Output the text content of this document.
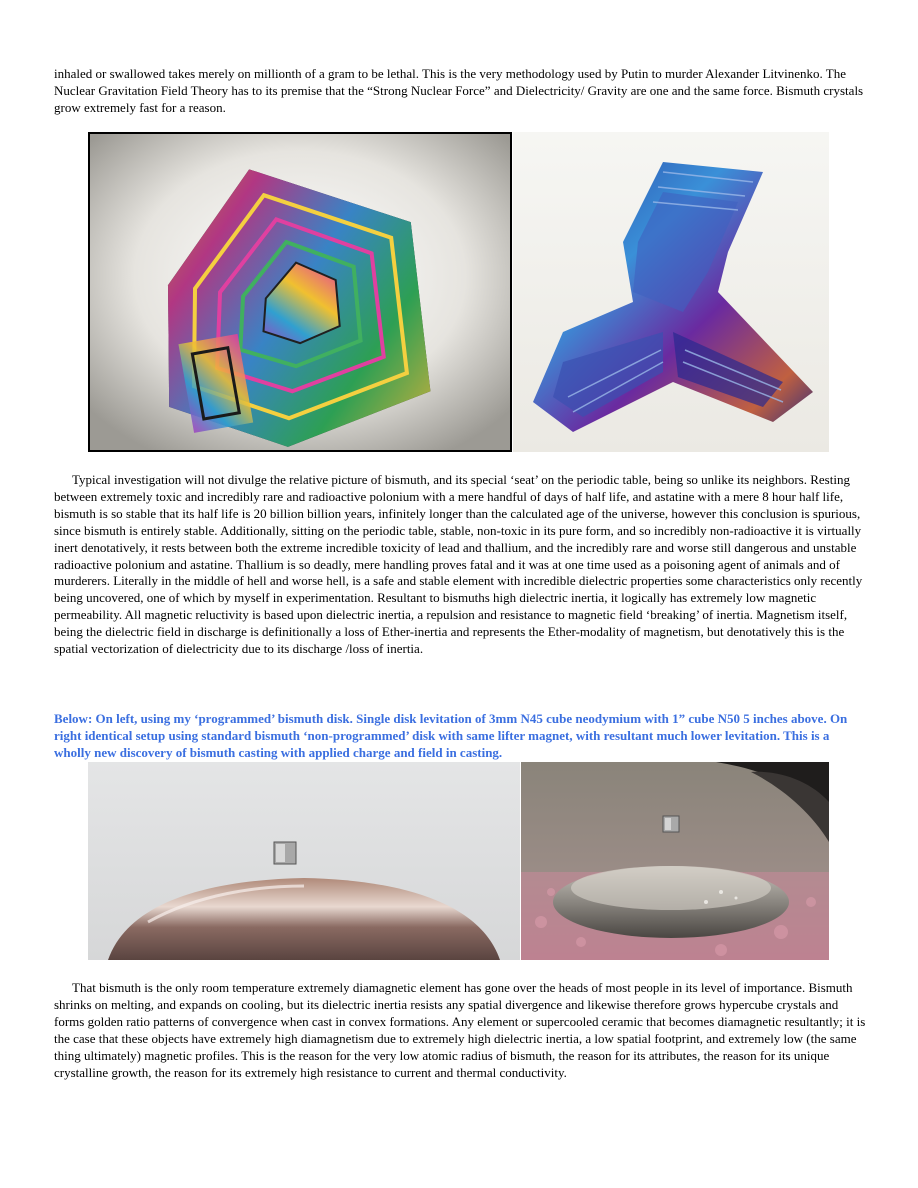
inhaled or swallowed takes merely on millionth of a gram to be lethal. This is the very methodology used by Putin to murder Alexander Litvinenko. The Nuclear Gravitation Field Theory has to its premise that the “Strong Nuclear Force” and Dielectricity/ Gravity are one and the same force. Bismuth crystals grow extremely fast for a reason.

Typical investigation will not divulge the relative picture of bismuth, and its special ‘seat’ on the periodic table, being so unlike its neighbors. Resting between extremely toxic and incredibly rare and radioactive polonium with a mere handful of days of half life, and astatine with a mere 8 hour half life, bismuth is so stable that its half life is 20 billion billion years, infinitely longer than the calculated age of the universe, however this conclusion is spurious, since bismuth is entirely stable. Additionally, sitting on the periodic table, stable, non-toxic in its pure form, and so incredibly non-radioactive it is virtually inert denotatively, it rests between both the extreme incredible toxicity of lead and thallium, and the incredibly rare and worse still dangerous and unstable radioactive polonium and astatine. Thallium is so deadly, mere handling proves fatal and it was at one time used as a poisoning agent of animals and of murderers. Literally in the middle of hell and worse hell, is a safe and stable element with incredible dielectric properties some characteristics only recently being uncovered, one of which by myself in experimentation. Resultant to bismuths high dielectric inertia, it logically has extremely low magnetic permeability. All magnetic reluctivity is based upon dielectric inertia, a repulsion and resistance to magnetic field ‘breaking’ of inertia. Magnetism itself, being the dielectric field in discharge is definitionally a loss of Ether-inertia and represents the Ether-modality of magnetism, but denotatively this is the spatial vectorization of dielectricity due to its discharge /loss of inertia.

Below: On left, using my ‘programmed’ bismuth disk. Single disk levitation of 3mm N45 cube neodymium with 1” cube N50 5 inches above. On right identical setup using standard bismuth ‘non-programmed’ disk with same lifter magnet, with resultant much lower levitation. This is a wholly new discovery of bismuth casting with applied charge and field in casting.

That bismuth is the only room temperature extremely diamagnetic element has gone over the heads of most people in its level of importance. Bismuth shrinks on melting, and expands on cooling, but its dielectric inertia resists any spatial divergence and likewise therefore grows hypercube crystals and forms golden ratio patterns of convergence when cast in convex formations. Any element or supercooled ceramic that becomes diamagnetic resultantly; it is the case that these objects have extremely high diamagnetism due to extremely high dielectric inertia, a low spatial footprint, and extremely low (the same thing ultimately) magnetic profiles. This is the reason for the very low atomic radius of bismuth, the reason for its attributes, the reason for its unique crystalline growth, the reason for its extremely high resistance to current and thermal conductivity.
